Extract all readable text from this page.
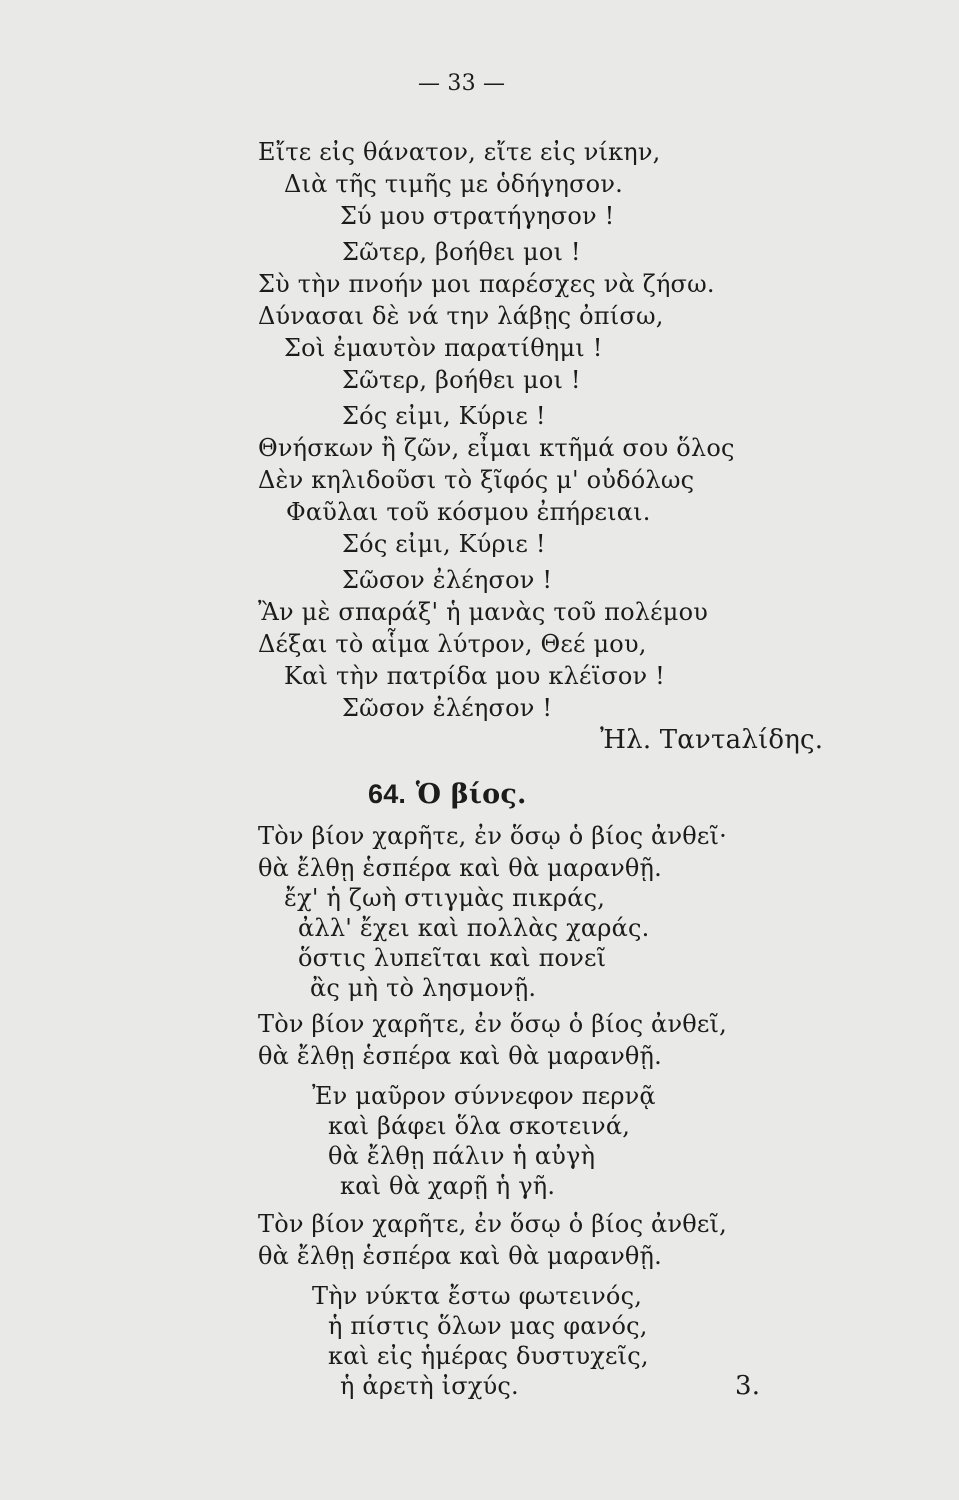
— 33 —
Εἴτε εἰς θάνατον, εἴτε εἰς νίκην,
Διὰ τῆς τιμῆς με ὁδήγησον.
Σύ μου στρατήγησον !
Σῶτερ, βοήθει μοι !
Σὺ τὴν πνοήν μοι παρέσχες νὰ ζήσω.
Δύνασαι δὲ νά την λάβῃς ὀπίσω,
Σοὶ ἐμαυτὸν παρατίθημι !
Σῶτερ, βοήθει μοι !
Σός εἰμι, Κύριε !
Θνήσκων ἢ ζῶν, εἶμαι κτῆμά σου ὅλος
Δὲν κηλιδοῦσι τὸ ξῖφός μ' οὐδόλως
Φαῦλαι τοῦ κόσμου ἐπήρειαι.
Σός εἰμι, Κύριε !
Σῶσον ἐλέησον !
Ἂν μὲ σπαράξ' ἡ μανὰς τοῦ πολέμου
Δέξαι τὸ αἷμα λύτρον, Θεέ μου,
Καὶ τὴν πατρίδα μου κλέϊσον !
Σῶσον ἐλέησον !
Ἠλ. Ταντaλίδης.
64. Ὁ βίος.
Τὸν βίον χαρῆτε, ἐν ὅσῳ ὁ βίος ἀνθεῖ·
θὰ ἔλθῃ ἑσπέρα καὶ θὰ μαρανθῇ.
ἔχ' ἡ ζωὴ στιγμὰς πικράς,
ἀλλ' ἔχει καὶ πολλὰς χαράς.
ὅστις λυπεῖται καὶ πονεῖ
ἂς μὴ τὸ λησμονῇ.
Τὸν βίον χαρῆτε, ἐν ὅσῳ ὁ βίος ἀνθεῖ,
θὰ ἔλθῃ ἑσπέρα καὶ θὰ μαρανθῇ.
Ἐν μαῦρον σύννεφον περνᾷ
καὶ βάφει ὅλα σκοτεινά,
θὰ ἔλθῃ πάλιν ἡ αὐγὴ
καὶ θὰ χαρῇ ἡ γῆ.
Τὸν βίον χαρῆτε, ἐν ὅσῳ ὁ βίος ἀνθεῖ,
θὰ ἔλθῃ ἑσπέρα καὶ θὰ μαρανθῇ.
Τὴν νύκτα ἔστω φωτεινός,
ἡ πίστις ὅλων μας φανός,
καὶ εἰς ἡμέρας δυστυχεῖς,
ἡ ἀρετὴ ἰσχύς.	3.
